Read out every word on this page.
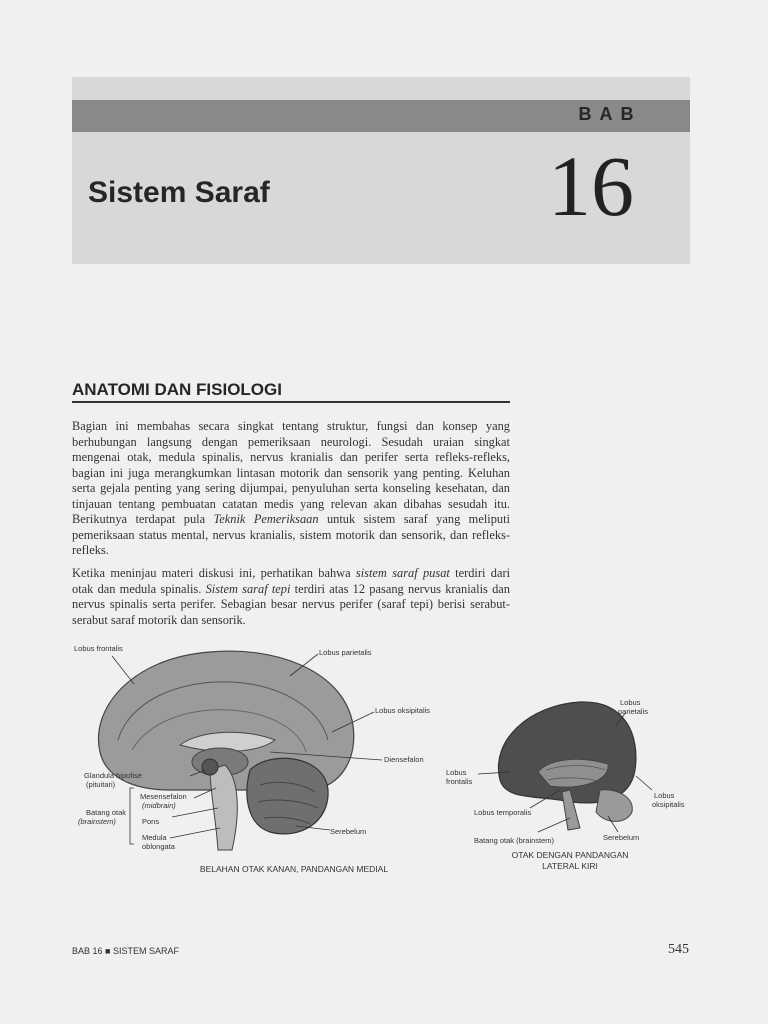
BAB
Sistem Saraf	16
ANATOMI DAN FISIOLOGI

Bagian ini membahas secara singkat tentang struktur, fungsi dan konsep yang berhubungan langsung dengan pemeriksaan neurologi. Sesudah uraian singkat mengenai otak, medula spinalis, nervus kranialis dan perifer serta refleks-refleks, bagian ini juga merangkumkan lintasan motorik dan sensorik yang penting. Keluhan serta gejala penting yang sering dijumpai, penyuluhan serta konseling kesehatan, dan tinjauan tentang pembuatan catatan medis yang relevan akan dibahas sesudah itu. Berikutnya terdapat pula Teknik Pemeriksaan untuk sistem saraf yang meliputi pemeriksaan status mental, nervus kranialis, sistem motorik dan sensorik, dan refleks-refleks.

Ketika meninjau materi diskusi ini, perhatikan bahwa sistem saraf pusat terdiri dari otak dan medula spinalis. Sistem saraf tepi terdiri atas 12 pasang nervus kranialis dan nervus spinalis serta perifer. Sebagian besar nervus perifer (saraf tepi) berisi serabut-serabut saraf motorik dan sensorik.

Lobus frontalis	Lobus parietalis
Lobus oksipitalis
Diensefalon
Glandula hipofise
(pituitari)
Batang otak
(brainstem)
Mesensefalon
(midbrain)
Pons
Medula
oblongata
Serebelum
BELAHAN OTAK KANAN, PANDANGAN MEDIAL
Lobus
parietalis
Lobus
frontalis
Lobus
oksipitalis
Lobus temporalis
Batang otak (brainstem)	Serebelum
OTAK DENGAN PANDANGAN
LATERAL KIRI
BAB 16 ■ SISTEM SARAF	545
